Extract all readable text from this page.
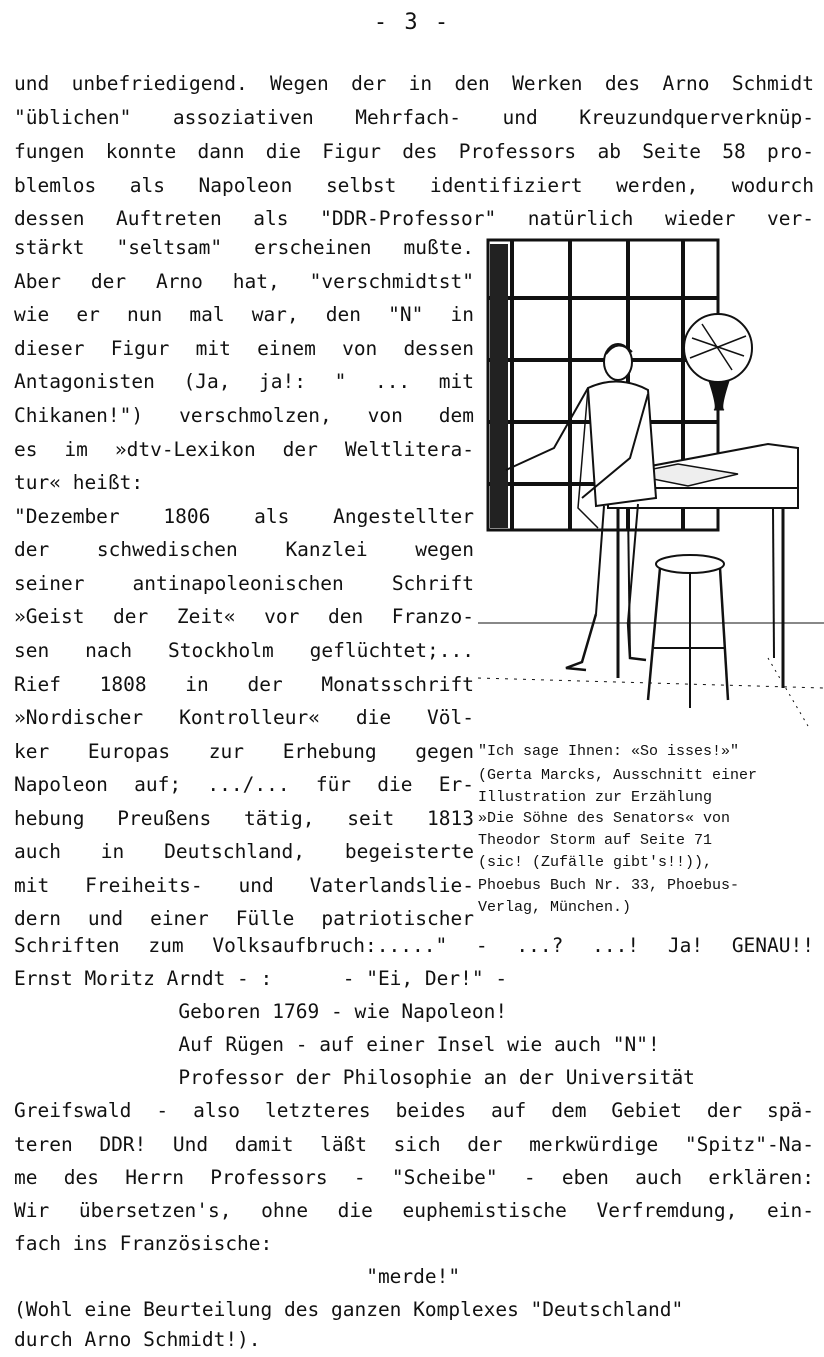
- 3 -
und unbefriedigend. Wegen der in den Werken des Arno Schmidt
"üblichen" assoziativen Mehrfach- und Kreuzundquerverknüp-
fungen konnte dann die Figur des Professors ab Seite 58 pro-
blemlos als Napoleon selbst identifiziert werden, wodurch
dessen Auftreten als "DDR-Professor" natürlich wieder ver-
stärkt "seltsam" erscheinen mußte.
Aber der Arno hat, "verschmidtst"
wie er nun mal war, den "N" in
dieser Figur mit einem von dessen
Antagonisten (Ja, ja!: " ... mit
Chikanen!") verschmolzen, von dem
es im »dtv-Lexikon der Weltlitera-
tur« heißt:
"Dezember 1806 als Angestellter
der schwedischen Kanzlei wegen
seiner antinapoleonischen Schrift
»Geist der Zeit« vor den Franzo-
sen nach Stockholm geflüchtet;...
Rief 1808 in der Monatsschrift
»Nordischer Kontrolleur« die Völ-
ker Europas zur Erhebung gegen
Napoleon auf; .../... für die Er-
hebung Preußens tätig, seit 1813
auch in Deutschland, begeisterte
mit Freiheits- und Vaterlandslie-
dern und einer Fülle patriotischer
"Ich sage Ihnen: «So isses!»"
(Gerta Marcks, Ausschnitt einer
Illustration zur Erzählung
»Die Söhne des Senators« von
Theodor Storm auf Seite 71
(sic! (Zufälle gibt's!!)),
Phoebus Buch Nr. 33, Phoebus-
Verlag, München.)
Schriften zum Volksaufbruch:....." - ...? ...! Ja! GENAU!!
Ernst Moritz Arndt - :      - "Ei, Der!" -
Geboren 1769 - wie Napoleon!
Auf Rügen - auf einer Insel wie auch "N"!
Professor der Philosophie an der Universität
Greifswald - also letzteres beides auf dem Gebiet der spä-
teren DDR! Und damit läßt sich der merkwürdige "Spitz"-Na-
me des Herrn Professors - "Scheibe" - eben auch erklären:
Wir übersetzen's, ohne die euphemistische Verfremdung, ein-
fach ins Französische:
"merde!"
(Wohl eine Beurteilung des ganzen Komplexes "Deutschland"
durch Arno Schmidt!).
